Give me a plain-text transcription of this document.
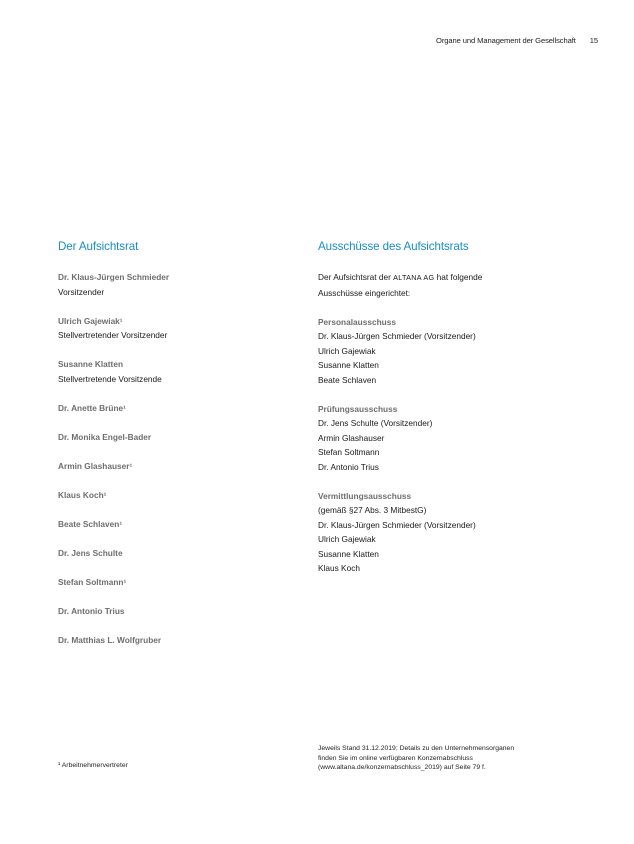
Organe und Management der Gesellschaft 15
Der Aufsichtsrat
Dr. Klaus-Jürgen Schmieder
Vorsitzender
Ulrich Gajewiak¹
Stellvertretender Vorsitzender
Susanne Klatten
Stellvertretende Vorsitzende
Dr. Anette Brüne¹
Dr. Monika Engel-Bader
Armin Glashauser¹
Klaus Koch¹
Beate Schlaven¹
Dr. Jens Schulte
Stefan Soltmann¹
Dr. Antonio Trius
Dr. Matthias L. Wolfgruber
Ausschüsse des Aufsichtsrats
Der Aufsichtsrat der ALTANA AG hat folgende
Ausschüsse eingerichtet:
Personalausschuss
Dr. Klaus-Jürgen Schmieder (Vorsitzender)
Ulrich Gajewiak
Susanne Klatten
Beate Schlaven
Prüfungsausschuss
Dr. Jens Schulte (Vorsitzender)
Armin Glashauser
Stefan Soltmann
Dr. Antonio Trius
Vermittlungsausschuss
(gemäß §27 Abs. 3 MitbestG)
Dr. Klaus-Jürgen Schmieder (Vorsitzender)
Ulrich Gajewiak
Susanne Klatten
Klaus Koch
¹ Arbeitnehmervertreter
Jeweils Stand 31.12.2019; Details zu den Unternehmensorganen
finden Sie im online verfügbaren Konzernabschluss
(www.altana.de/konzernabschluss_2019) auf Seite 79 f.
